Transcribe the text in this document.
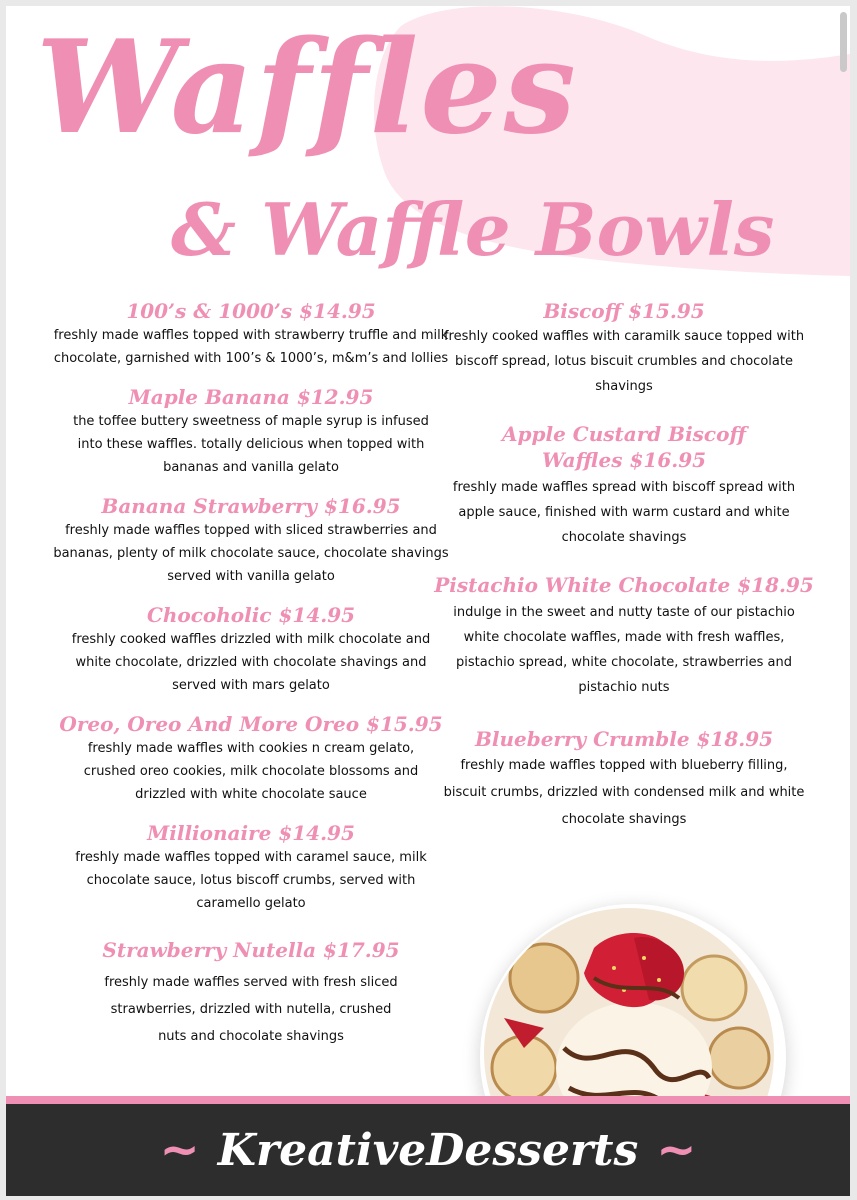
Waffles
& Waffle Bowls
100’s & 1000’s $14.95
freshly made waffles topped with strawberry truffle and milk chocolate, garnished with 100’s & 1000’s, m&m’s and lollies
Maple Banana $12.95
the toffee buttery sweetness of maple syrup is infused into these waffles. totally delicious when topped with bananas and vanilla gelato
Banana Strawberry $16.95
freshly made waffles topped with sliced strawberries and bananas, plenty of milk chocolate sauce, chocolate shavings served with vanilla gelato
Chocoholic $14.95
freshly cooked waffles drizzled with milk chocolate and white chocolate, drizzled with chocolate shavings and served with mars gelato
Oreo, Oreo And More Oreo $15.95
freshly made waffles with cookies n cream gelato, crushed oreo cookies, milk chocolate blossoms and drizzled with white chocolate sauce
Millionaire $14.95
freshly made waffles topped with caramel sauce, milk chocolate sauce, lotus biscoff crumbs, served with caramello gelato
Strawberry Nutella $17.95
freshly made waffles served with fresh sliced strawberries, drizzled with nutella, crushed nuts and chocolate shavings
Biscoff $15.95
freshly cooked waffles with caramilk sauce topped with biscoff spread, lotus biscuit crumbles and chocolate shavings
Apple Custard Biscoff Waffles $16.95
freshly made waffles spread with biscoff spread with apple sauce, finished with warm custard and white chocolate shavings
Pistachio White Chocolate $18.95
indulge in the sweet and nutty taste of our pistachio white chocolate waffles, made with fresh waffles, pistachio spread, white chocolate, strawberries and pistachio nuts
Blueberry Crumble $18.95
freshly made waffles topped with blueberry filling, biscuit crumbs, drizzled with condensed milk and white chocolate shavings
~ KreativeDesserts ~
